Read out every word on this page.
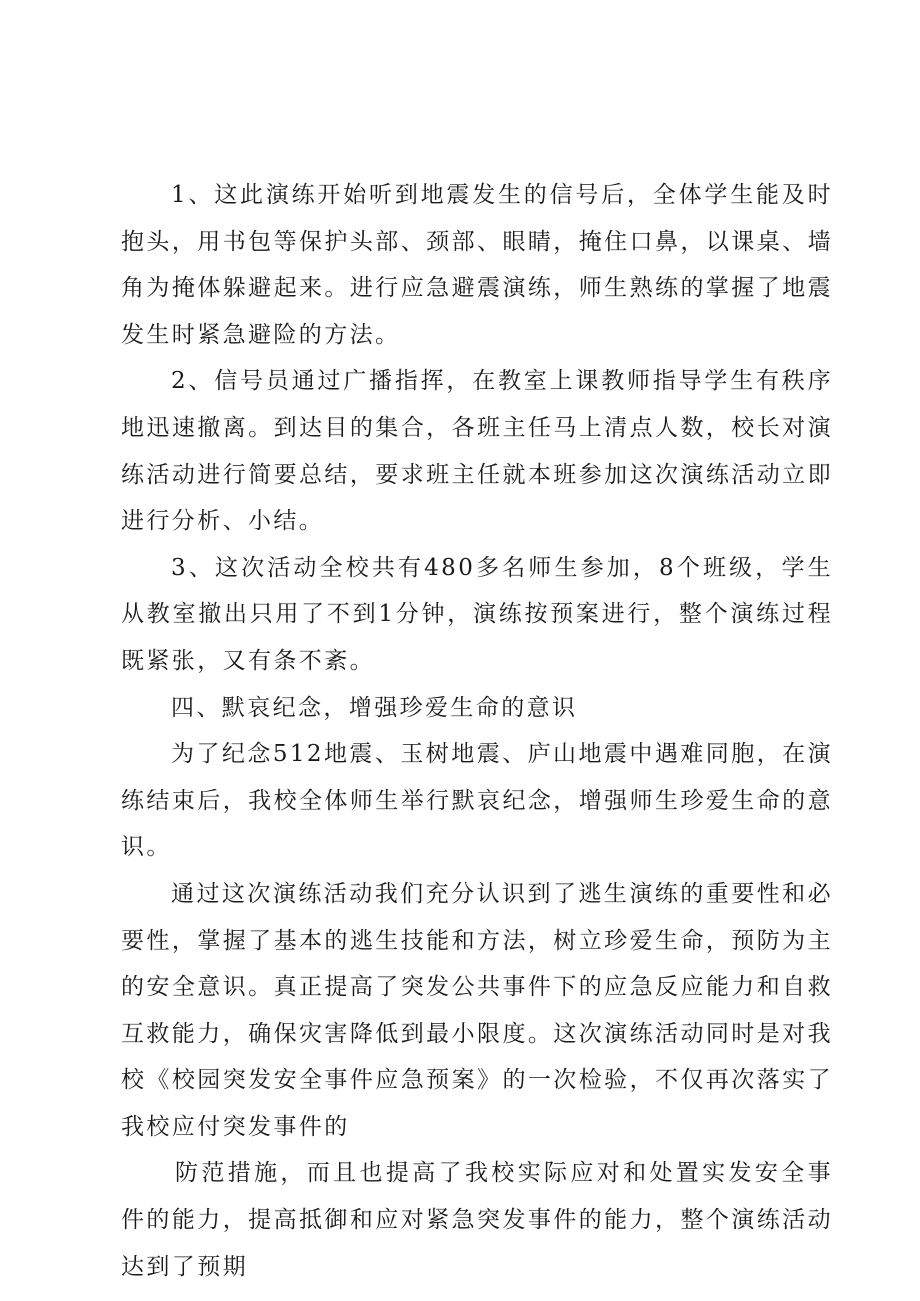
1、这此演练开始听到地震发生的信号后，全体学生能及时抱头，用书包等保护头部、颈部、眼睛，掩住口鼻，以课桌、墙角为掩体躲避起来。进行应急避震演练，师生熟练的掌握了地震发生时紧急避险的方法。

2、信号员通过广播指挥，在教室上课教师指导学生有秩序地迅速撤离。到达目的集合，各班主任马上清点人数，校长对演练活动进行简要总结，要求班主任就本班参加这次演练活动立即进行分析、小结。

3、这次活动全校共有480多名师生参加，8个班级，学生从教室撤出只用了不到1分钟，演练按预案进行，整个演练过程既紧张，又有条不紊。

四、默哀纪念，增强珍爱生命的意识

为了纪念512地震、玉树地震、庐山地震中遇难同胞，在演练结束后，我校全体师生举行默哀纪念，增强师生珍爱生命的意识。

通过这次演练活动我们充分认识到了逃生演练的重要性和必要性，掌握了基本的逃生技能和方法，树立珍爱生命，预防为主的安全意识。真正提高了突发公共事件下的应急反应能力和自救互救能力，确保灾害降低到最小限度。这次演练活动同时是对我校《校园突发安全事件应急预案》的一次检验，不仅再次落实了我校应付突发事件的

防范措施，而且也提高了我校实际应对和处置实发安全事件的能力，提高抵御和应对紧急突发事件的能力，整个演练活动达到了预期
